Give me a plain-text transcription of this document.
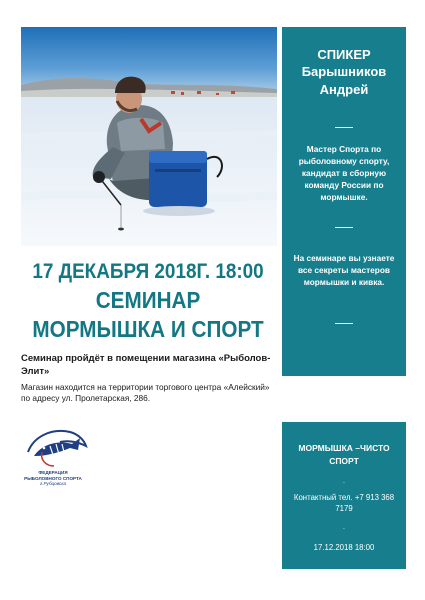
17 ДЕКАБРЯ 2018Г. 18:00
СЕМИНАР
МОРМЫШКА И СПОРТ
Семинар пройдёт в помещении магазина «Рыболов-Элит»
Магазин находится на территории торгового центра «Алейский» по адресу ул. Пролетарская, 286.
ФЕДЕРАЦИЯ
РЫБОЛОВНОГО СПОРТА
г.Рубцовска
СПИКЕР
Барышников Андрей
Мастер Спорта по рыболовному спорту, кандидат в сборную команду России по мормышке.
На семинаре вы узнаете все секреты мастеров мормышки и кивка.
МОРМЫШКА –ЧИСТО СПОРТ
.
Контактный тел. +7 913 368 7179
.
17.12.2018 18:00
